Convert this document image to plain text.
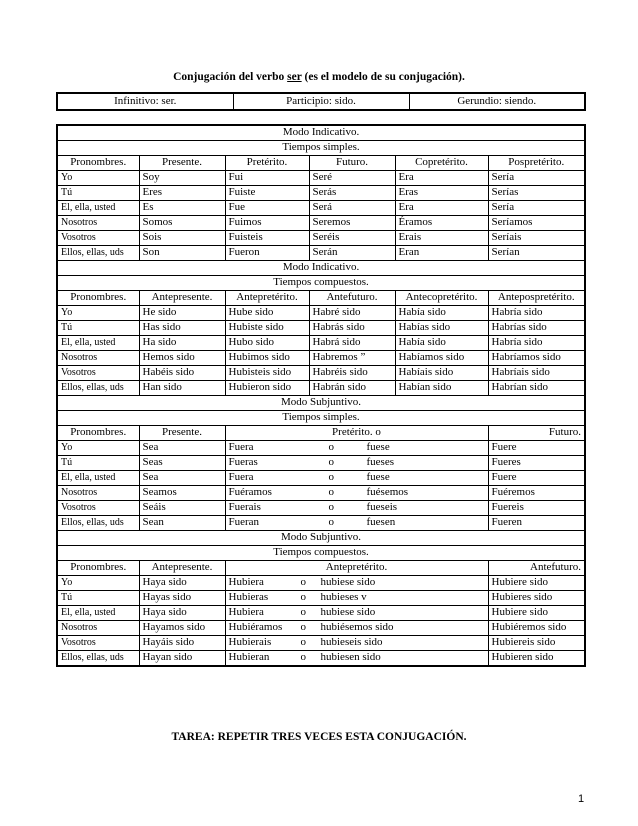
Conjugación del verbo ser (es el modelo de su conjugación).
Infinitivo: ser.	Participio: sido.	Gerundio: siendo.
Modo Indicativo.					
Tiempos simples.					
Pronombres.	Presente.	Pretérito.	Futuro.	Copretérito.	Pospretérito.
Yo	Soy	Fui	Seré	Era	Sería
Tú	Eres	Fuiste	Serás	Eras	Serías
El, ella, usted	Es	Fue	Será	Era	Sería
Nosotros	Somos	Fuimos	Seremos	Éramos	Seríamos
Vosotros	Sois	Fuisteis	Seréis	Erais	Seríais
Ellos, ellas, uds	Son	Fueron	Serán	Eran	Serían
Modo Indicativo.					
Tiempos compuestos.					
Pronombres.	Antepresente.	Antepretérito.	Antefuturo.	Antecopretérito.	Antepospretérito.
Yo	He sido	Hube sido	Habré sido	Había sido	Habría sido
Tú	Has sido	Hubiste sido	Habrás sido	Habías sido	Habrías sido
El, ella, usted	Ha sido	Hubo sido	Habrá sido	Había sido	Habría sido
Nosotros	Hemos sido	Hubimos sido	Habremos ”	Habíamos sido	Habríamos sido
Vosotros	Habéis sido	Hubisteis sido	Habréis sido	Habíais sido	Habríais sido
Ellos, ellas, uds	Han sido	Hubieron sido	Habrán sido	Habían sido	Habrían sido
Modo Subjuntivo.					
Tiempos simples.					
Pronombres.	Presente.	Pretérito. o			Futuro.
Yo	Sea	Fuera o fuese			Fuere
Tú	Seas	Fueras o fueses			Fueres
El, ella, usted	Sea	Fuera o fuese			Fuere
Nosotros	Seamos	Fuéramos o fuésemos			Fuéremos
Vosotros	Seáis	Fuerais o fueseis			Fuereis
Ellos, ellas, uds	Sean	Fueran o fuesen			Fueren
Modo Subjuntivo.					
Tiempos compuestos.					
Pronombres.	Antepresente.	Antepretérito.			Antefuturo.
Yo	Haya sido	Hubiera o hubiese sido			Hubiere sido
Tú	Hayas sido	Hubieras o hubieses v			Hubieres sido
El, ella, usted	Haya sido	Hubiera o hubiese sido			Hubiere sido
Nosotros	Hayamos sido	Hubiéramos o hubiésemos sido			Hubiéremos sido
Vosotros	Hayáis sido	Hubierais o hubieseis sido			Hubiereis sido
Ellos, ellas, uds	Hayan sido	Hubieran o hubiesen sido			Hubieren sido
TAREA: REPETIR TRES VECES ESTA CONJUGACIÓN.
1
